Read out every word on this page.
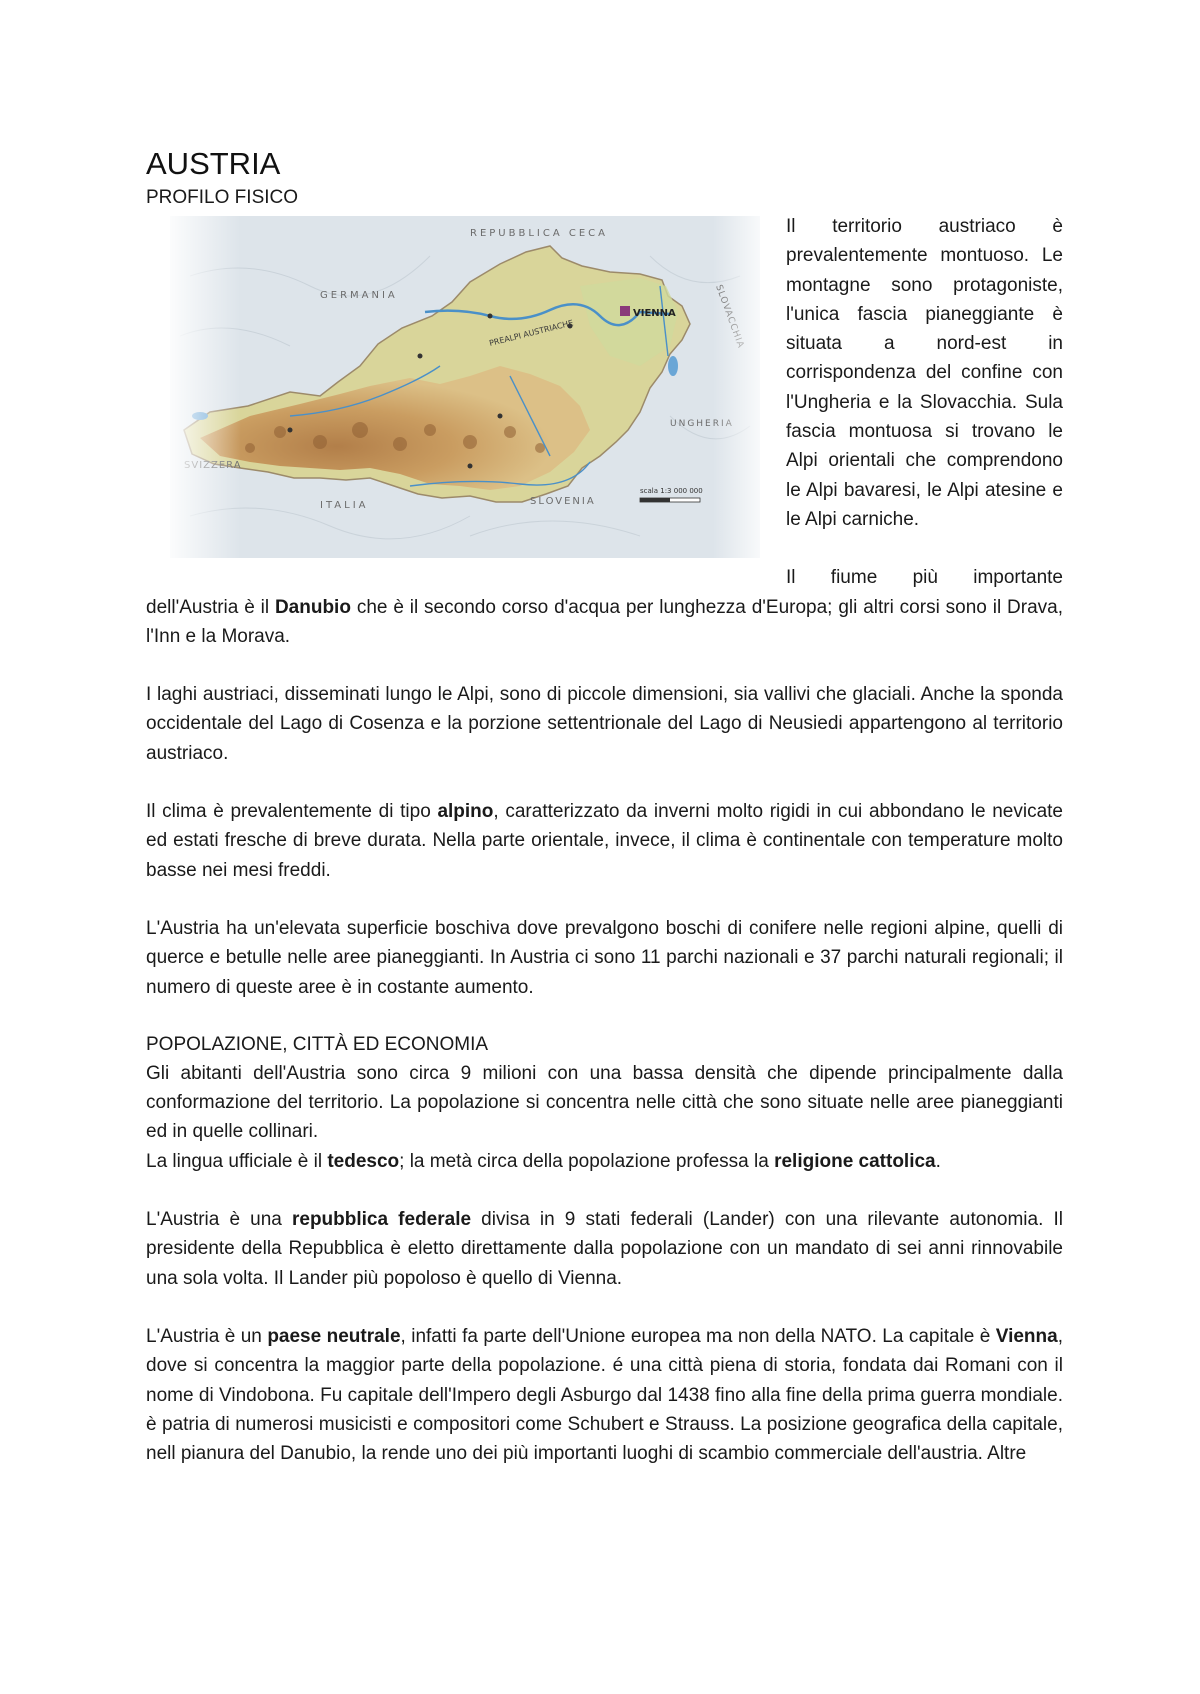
AUSTRIA
PROFILO FISICO

Il territorio austriaco è prevalentemente montuoso. Le montagne sono protagoniste, l'unica fascia pianeggiante è situata a nord-est in corrispondenza del confine con l'Ungheria e la Slovacchia. Sula fascia montuosa si trovano le Alpi orientali che comprendono le Alpi bavaresi, le Alpi atesine e le Alpi carniche.

Il fiume più importante dell'Austria è il Danubio che è il secondo corso d'acqua per lunghezza d'Europa; gli altri corsi sono il Drava, l'Inn e la Morava.

I laghi austriaci, disseminati lungo le Alpi, sono di piccole dimensioni, sia vallivi che glaciali. Anche la sponda occidentale del Lago di Cosenza e la porzione settentrionale del Lago di Neusiedi appartengono al territorio austriaco.

Il clima è prevalentemente di tipo alpino, caratterizzato da inverni molto rigidi in cui abbondano le nevicate ed estati fresche di breve durata. Nella parte orientale, invece, il clima è continentale con temperature molto basse nei mesi freddi.

L'Austria ha un'elevata superficie boschiva dove prevalgono boschi di conifere nelle regioni alpine, quelli di querce e betulle nelle aree pianeggianti. In Austria ci sono 11 parchi nazionali e 37 parchi naturali regionali; il numero di queste aree è in costante aumento.

POPOLAZIONE, CITTÀ ED ECONOMIA

Gli abitanti dell'Austria sono circa 9 milioni con una bassa densità che dipende principalmente dalla conformazione del territorio. La popolazione si concentra nelle città che sono situate nelle aree pianeggianti ed in quelle collinari.

La lingua ufficiale è il tedesco; la metà circa della popolazione professa la religione cattolica.

L'Austria è una repubblica federale divisa in 9 stati federali (Lander) con una rilevante autonomia. Il presidente della Repubblica è eletto direttamente dalla popolazione con un mandato di sei anni rinnovabile una sola volta. Il Lander più popoloso è quello di Vienna.

L'Austria è un paese neutrale, infatti fa parte dell'Unione europea ma non della NATO. La capitale è Vienna, dove si concentra la maggior parte della popolazione. é una città piena di storia, fondata dai Romani con il nome di Vindobona. Fu capitale dell'Impero degli Asburgo dal 1438 fino alla fine della prima guerra mondiale. è patria di numerosi musicisti e compositori come Schubert e Strauss. La posizione geografica della capitale, nell pianura del Danubio, la rende uno dei più importanti luoghi di scambio commerciale dell'austria. Altre
